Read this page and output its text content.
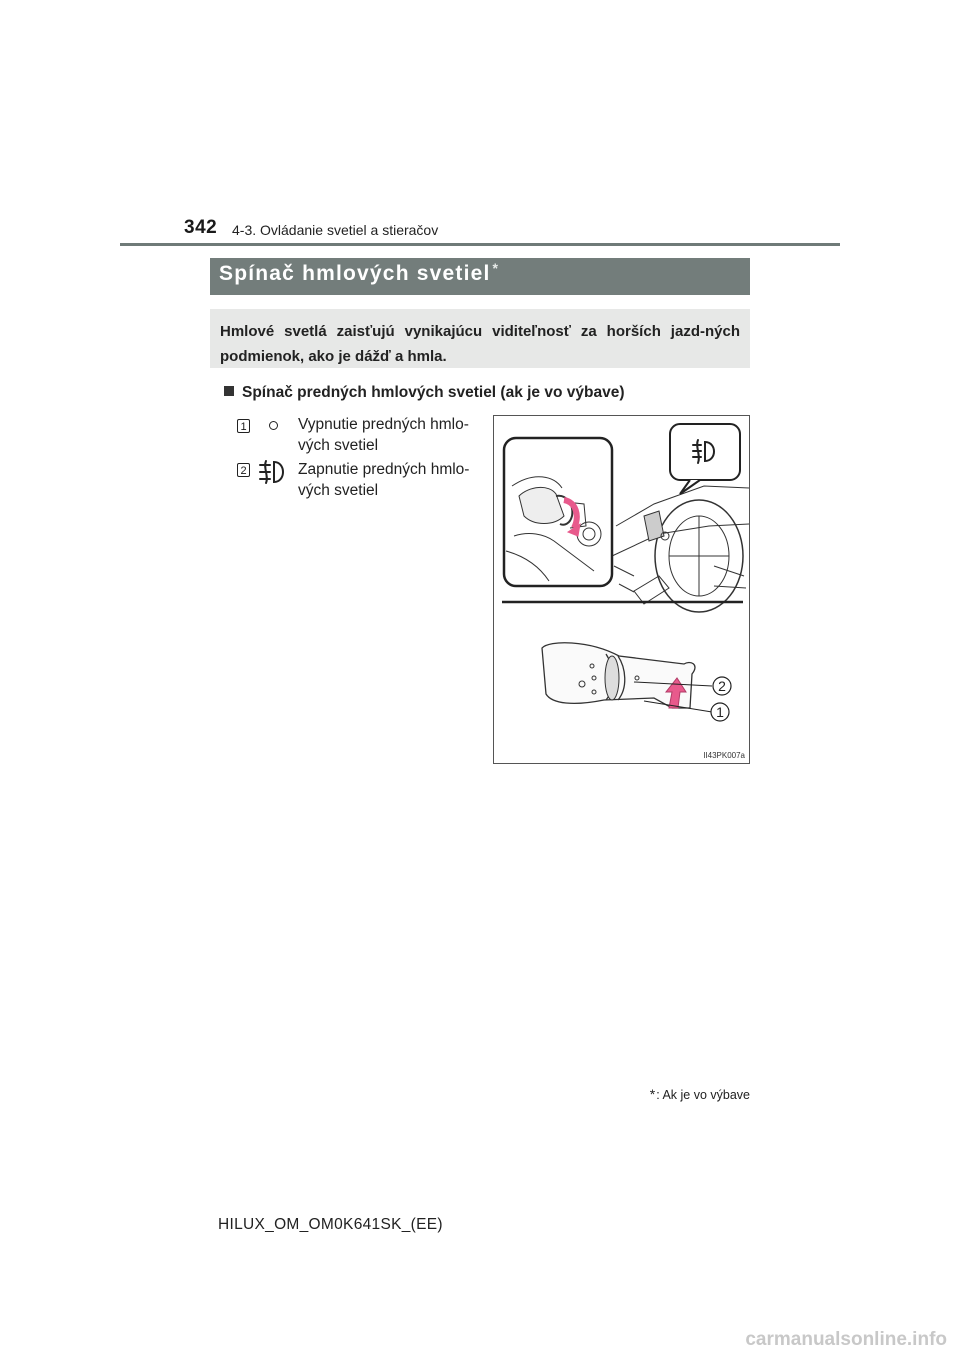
342 4-3. Ovládanie svetiel a stieračov
Spínač hmlových svetiel *
Hmlové svetlá zaisťujú vynikajúcu viditeľnosť za horších jazd-ných podmienok, ako je dážď a hmla.
Spínač predných hmlových svetiel (ak je vo výbave)
1	Vypnutie predných hmlo-vých svetiel
2	Zapnutie predných hmlo-vých svetiel
2
1
II43PK007a
*: Ak je vo výbave
HILUX_OM_OM0K641SK_(EE)
carmanualsonline.info
